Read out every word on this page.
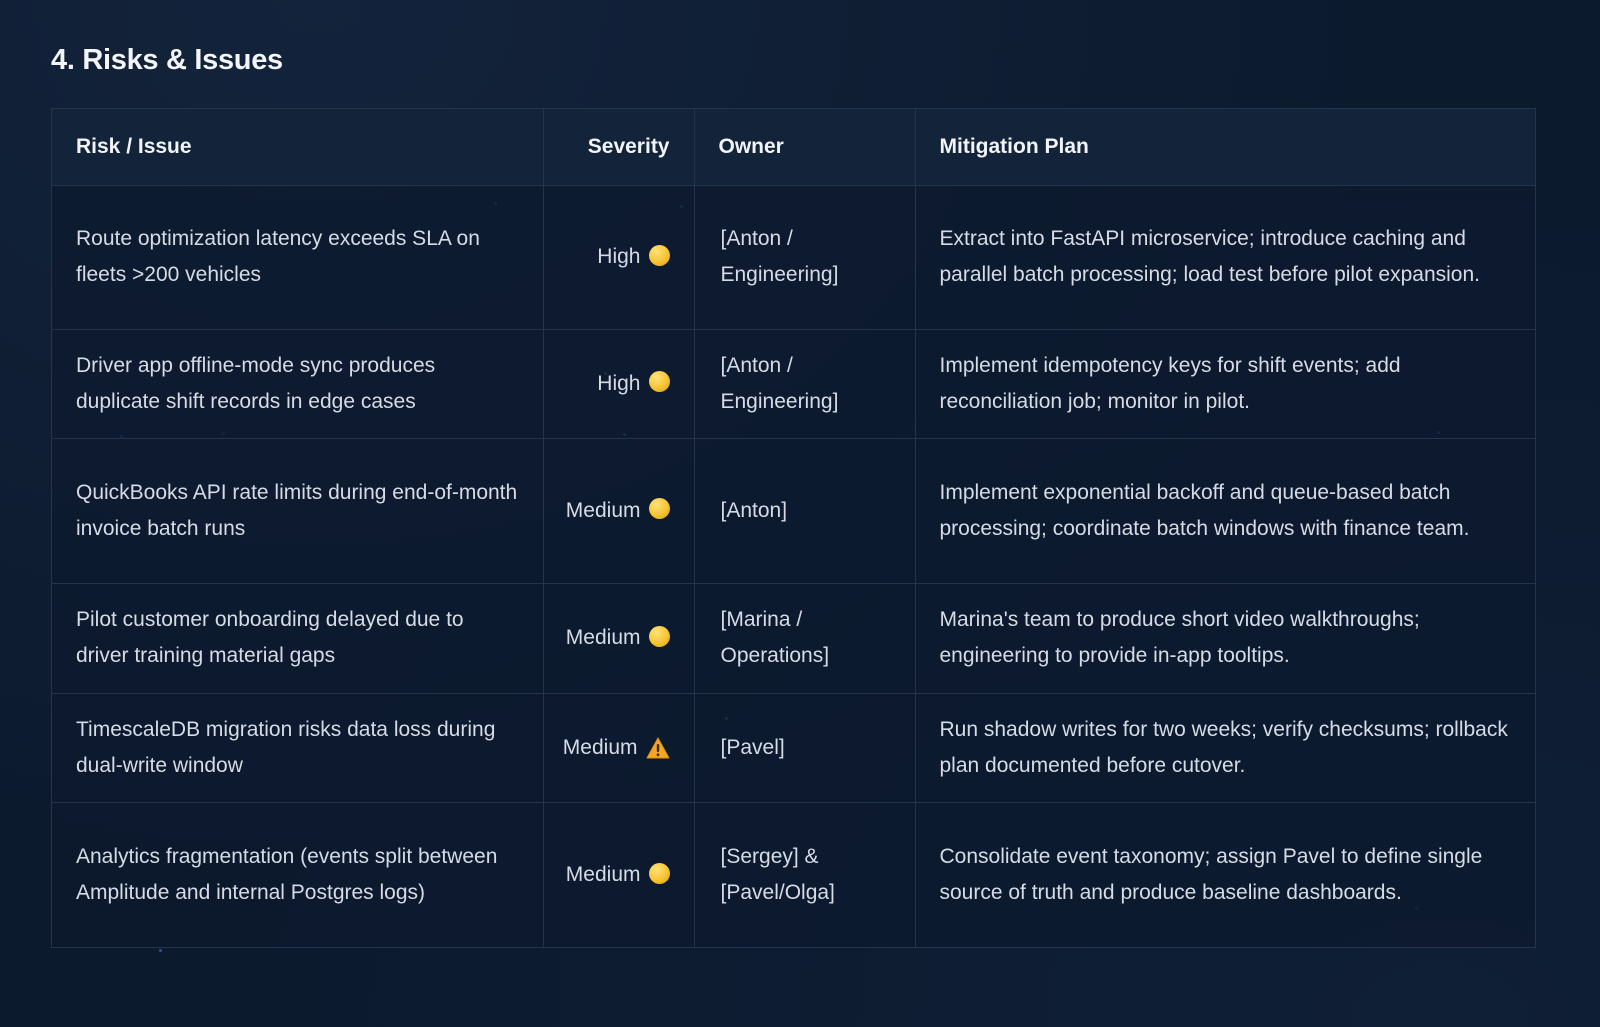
4. Risks & Issues
Risk / Issue	Severity	Owner	Mitigation Plan
Route optimization latency exceeds SLA on fleets >200 vehicles	High	[Anton / Engineering]	Extract into FastAPI microservice; introduce caching and parallel batch processing; load test before pilot expansion.
Driver app offline-mode sync produces duplicate shift records in edge cases	High	[Anton / Engineering]	Implement idempotency keys for shift events; add reconciliation job; monitor in pilot.
QuickBooks API rate limits during end-of-month invoice batch runs	Medium	[Anton]	Implement exponential backoff and queue-based batch processing; coordinate batch windows with finance team.
Pilot customer onboarding delayed due to driver training material gaps	Medium	[Marina / Operations]	Marina's team to produce short video walkthroughs; engineering to provide in-app tooltips.
TimescaleDB migration risks data loss during dual-write window	Medium	[Pavel]	Run shadow writes for two weeks; verify checksums; rollback plan documented before cutover.
Analytics fragmentation (events split between Amplitude and internal Postgres logs)	Medium	[Sergey] & [Pavel/Olga]	Consolidate event taxonomy; assign Pavel to define single source of truth and produce baseline dashboards.
